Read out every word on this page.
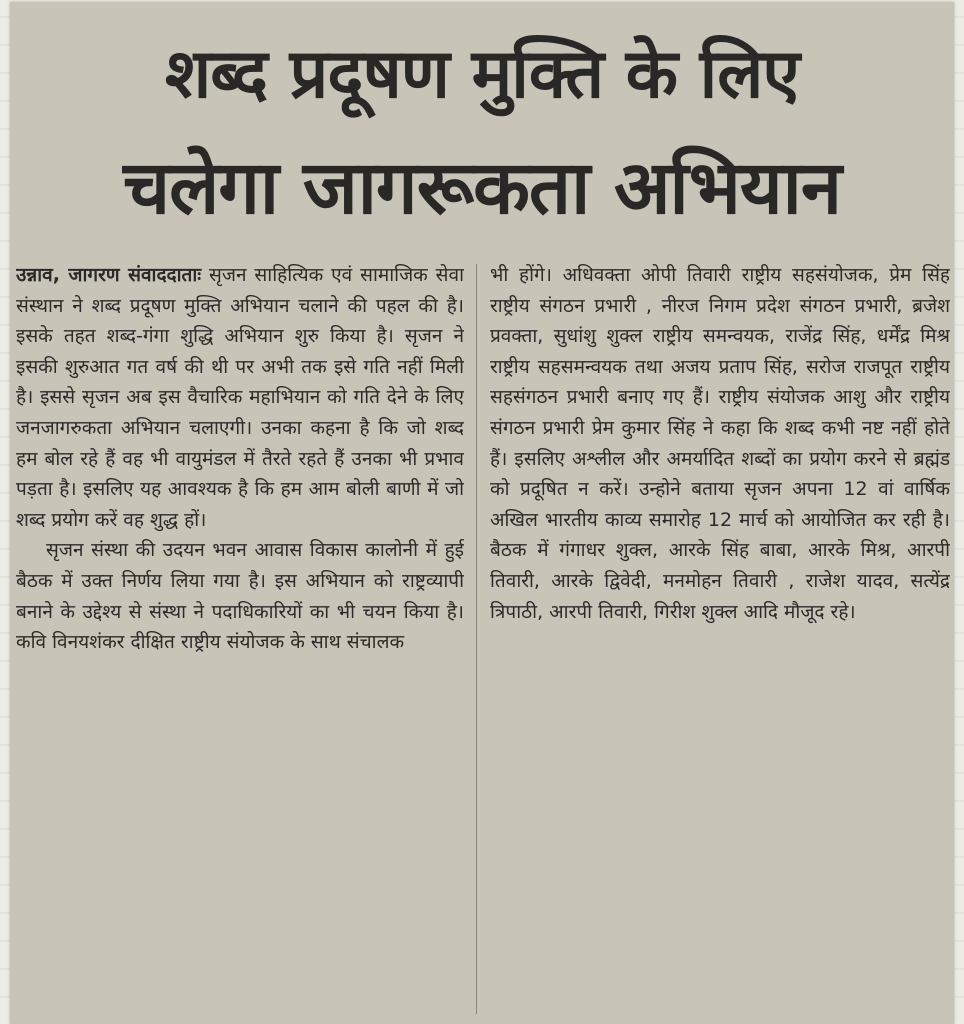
शब्द प्रदूषण मुक्ति के लिए
चलेगा जागरूकता अभियान

उन्नाव, जागरण संवाददाताः सृजन साहित्यिक एवं सामाजिक सेवा संस्थान ने शब्द प्रदूषण मुक्ति अभियान चलाने की पहल की है। इसके तहत शब्द-गंगा शुद्धि अभियान शुरु किया है। सृजन ने इसकी शुरुआत गत वर्ष की थी पर अभी तक इसे गति नहीं मिली है। इससे सृजन अब इस वैचारिक महाभियान को गति देने के लिए जनजागरुकता अभियान चलाएगी। उनका कहना है कि जो शब्द हम बोल रहे हैं वह भी वायुमंडल में तैरते रहते हैं उनका भी प्रभाव पड़ता है। इसलिए यह आवश्यक है कि हम आम बोली बाणी में जो शब्द प्रयोग करें वह शुद्ध हों।

सृजन संस्था की उदयन भवन आवास विकास कालोनी में हुई बैठक में उक्त निर्णय लिया गया है। इस अभियान को राष्ट्रव्यापी बनाने के उद्देश्य से संस्था ने पदाधिकारियों का भी चयन किया है। कवि विनयशंकर दीक्षित राष्ट्रीय संयोजक के साथ संचालक

भी होंगे। अधिवक्ता ओपी तिवारी राष्ट्रीय सहसंयोजक, प्रेम सिंह राष्ट्रीय संगठन प्रभारी , नीरज निगम प्रदेश संगठन प्रभारी, ब्रजेश प्रवक्ता, सुधांशु शुक्ल राष्ट्रीय समन्वयक, राजेंद्र सिंह, धर्मेंद्र मिश्र राष्ट्रीय सहसमन्वयक तथा अजय प्रताप सिंह, सरोज राजपूत राष्ट्रीय सहसंगठन प्रभारी बनाए गए हैं। राष्ट्रीय संयोजक आशु और राष्ट्रीय संगठन प्रभारी प्रेम कुमार सिंह ने कहा कि शब्द कभी नष्ट नहीं होते हैं। इसलिए अश्लील और अमर्यादित शब्दों का प्रयोग करने से ब्रह्मंड को प्रदूषित न करें। उन्होने बताया सृजन अपना 12 वां वार्षिक अखिल भारतीय काव्य समारोह 12 मार्च को आयोजित कर रही है। बैठक में गंगाधर शुक्ल, आरके सिंह बाबा, आरके मिश्र, आरपी तिवारी, आरके द्विवेदी, मनमोहन तिवारी , राजेश यादव, सत्येंद्र त्रिपाठी, आरपी तिवारी, गिरीश शुक्ल आदि मौजूद रहे।
